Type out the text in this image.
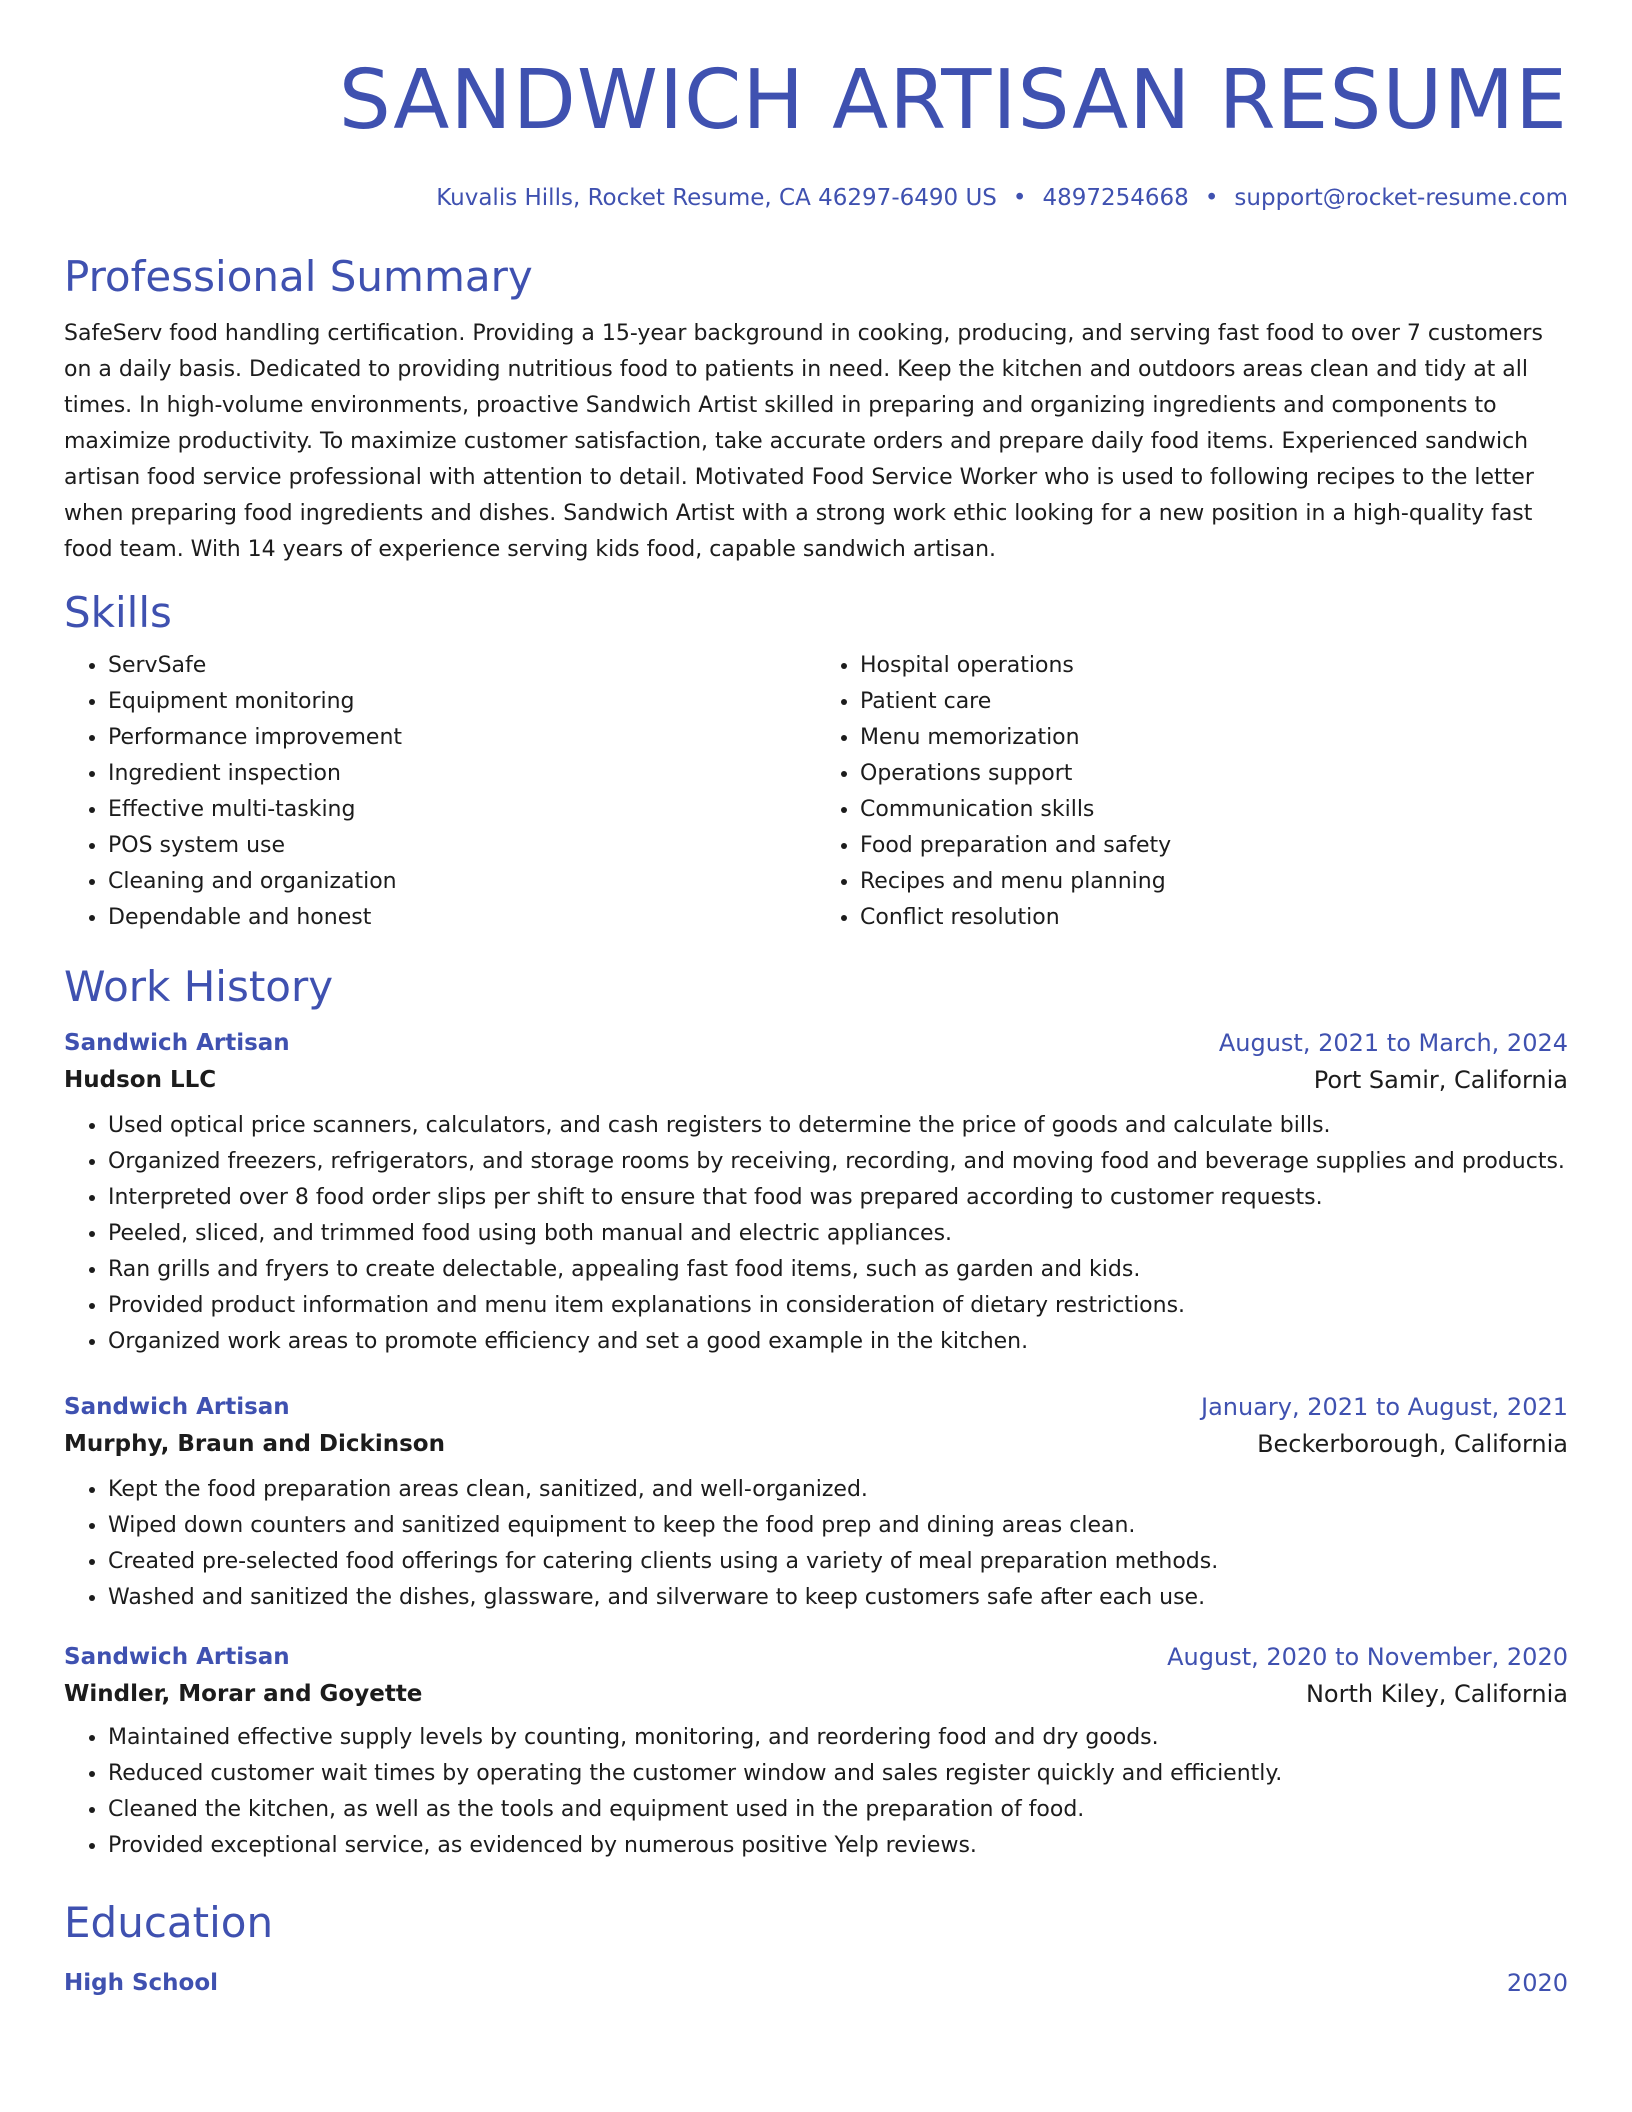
SANDWICH ARTISAN RESUME
Kuvalis Hills, Rocket Resume, CA 46297-6490 US • 4897254668 • support@rocket-resume.com
Professional Summary

SafeServ food handling certification. Providing a 15-year background in cooking, producing, and serving fast food to over 7 customers on a daily basis. Dedicated to providing nutritious food to patients in need. Keep the kitchen and outdoors areas clean and tidy at all times. In high-volume environments, proactive Sandwich Artist skilled in preparing and organizing ingredients and components to maximize productivity. To maximize customer satisfaction, take accurate orders and prepare daily food items. Experienced sandwich artisan food service professional with attention to detail. Motivated Food Service Worker who is used to following recipes to the letter when preparing food ingredients and dishes. Sandwich Artist with a strong work ethic looking for a new position in a high-quality fast food team. With 14 years of experience serving kids food, capable sandwich artisan.

Skills
• ServSafe
• Equipment monitoring
• Performance improvement
• Ingredient inspection
• Effective multi-tasking
• POS system use
• Cleaning and organization
• Dependable and honest
• Hospital operations
• Patient care
• Menu memorization
• Operations support
• Communication skills
• Food preparation and safety
• Recipes and menu planning
• Conflict resolution
Work History
Sandwich Artisan	August, 2021 to March, 2024
Hudson LLC	Port Samir, California
• Used optical price scanners, calculators, and cash registers to determine the price of goods and calculate bills.
• Organized freezers, refrigerators, and storage rooms by receiving, recording, and moving food and beverage supplies and products.
• Interpreted over 8 food order slips per shift to ensure that food was prepared according to customer requests.
• Peeled, sliced, and trimmed food using both manual and electric appliances.
• Ran grills and fryers to create delectable, appealing fast food items, such as garden and kids.
• Provided product information and menu item explanations in consideration of dietary restrictions.
• Organized work areas to promote efficiency and set a good example in the kitchen.
Sandwich Artisan	January, 2021 to August, 2021
Murphy, Braun and Dickinson	Beckerborough, California
• Kept the food preparation areas clean, sanitized, and well-organized.
• Wiped down counters and sanitized equipment to keep the food prep and dining areas clean.
• Created pre-selected food offerings for catering clients using a variety of meal preparation methods.
• Washed and sanitized the dishes, glassware, and silverware to keep customers safe after each use.
Sandwich Artisan	August, 2020 to November, 2020
Windler, Morar and Goyette	North Kiley, California
• Maintained effective supply levels by counting, monitoring, and reordering food and dry goods.
• Reduced customer wait times by operating the customer window and sales register quickly and efficiently.
• Cleaned the kitchen, as well as the tools and equipment used in the preparation of food.
• Provided exceptional service, as evidenced by numerous positive Yelp reviews.
Education
High School	2020
